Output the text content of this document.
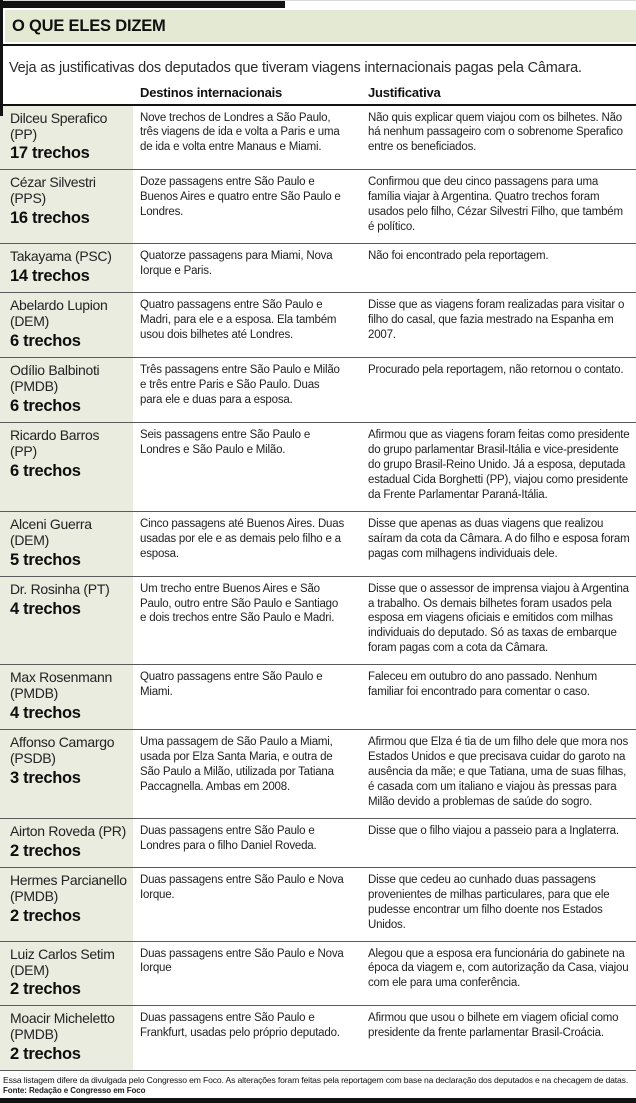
O QUE ELES DIZEM
Veja as justificativas dos deputados que tiveram viagens internacionais pagas pela Câmara.
Destinos internacionais	Justificativa
Dilceu Sperafico (PP)
17 trechos
Nove trechos de Londres a São Paulo, três viagens de ida e volta a Paris e uma de ida e volta entre Manaus e Miami.
Não quis explicar quem viajou com os bilhetes. Não há nenhum passageiro com o sobrenome Sperafico entre os beneficiados.
Cézar Silvestri (PPS)
16 trechos
Doze passagens entre São Paulo e Buenos Aires e quatro entre São Paulo e Londres.
Confirmou que deu cinco passagens para uma família viajar à Argentina. Quatro trechos foram usados pelo filho, Cézar Silvestri Filho, que também é político.
Takayama (PSC)
14 trechos
Quatorze passagens para Miami, Nova Iorque e Paris.
Não foi encontrado pela reportagem.
Abelardo Lupion (DEM)
6 trechos
Quatro passagens entre São Paulo e Madri, para ele e a esposa. Ela também usou dois bilhetes até Londres.
Disse que as viagens foram realizadas para visitar o filho do casal, que fazia mestrado na Espanha em 2007.
Odílio Balbinoti (PMDB)
6 trechos
Três passagens entre São Paulo e Milão e três entre Paris e São Paulo. Duas para ele e duas para a esposa.
Procurado pela reportagem, não retornou o contato.
Ricardo Barros (PP)
6 trechos
Seis passagens entre São Paulo e Londres e São Paulo e Milão.
Afirmou que as viagens foram feitas como presidente do grupo parlamentar Brasil-Itália e vice-presidente do grupo Brasil-Reino Unido. Já a esposa, deputada estadual Cida Borghetti (PP), viajou como presidente da Frente Parlamentar Paraná-Itália.
Alceni Guerra (DEM)
5 trechos
Cinco passagens até Buenos Aires. Duas usadas por ele e as demais pelo filho e a esposa.
Disse que apenas as duas viagens que realizou saíram da cota da Câmara. A do filho e esposa foram pagas com milhagens individuais dele.
Dr. Rosinha (PT)
4 trechos
Um trecho entre Buenos Aires e São Paulo, outro entre São Paulo e Santiago e dois trechos entre São Paulo e Madri.
Disse que o assessor de imprensa viajou à Argentina a trabalho. Os demais bilhetes foram usados pela esposa em viagens oficiais e emitidos com milhas individuais do deputado. Só as taxas de embarque foram pagas com a cota da Câmara.
Max Rosenmann (PMDB)
4 trechos
Quatro passagens entre São Paulo e Miami.
Faleceu em outubro do ano passado. Nenhum familiar foi encontrado para comentar o caso.
Affonso Camargo (PSDB)
3 trechos
Uma passagem de São Paulo a Miami, usada por Elza Santa Maria, e outra de São Paulo a Milão, utilizada por Tatiana Paccagnella. Ambas em 2008.
Afirmou que Elza é tia de um filho dele que mora nos Estados Unidos e que precisava cuidar do garoto na ausência da mãe; e que Tatiana, uma de suas filhas, é casada com um italiano e viajou às pressas para Milão devido a problemas de saúde do sogro.
Airton Roveda (PR)
2 trechos
Duas passagens entre São Paulo e Londres para o filho Daniel Roveda.
Disse que o filho viajou a passeio para a Inglaterra.
Hermes Parcianello (PMDB)
2 trechos
Duas passagens entre São Paulo e Nova Iorque.
Disse que cedeu ao cunhado duas passagens provenientes de milhas particulares, para que ele pudesse encontrar um filho doente nos Estados Unidos.
Luiz Carlos Setim (DEM)
2 trechos
Duas passagens entre São Paulo e Nova Iorque
Alegou que a esposa era funcionária do gabinete na época da viagem e, com autorização da Casa, viajou com ele para uma conferência.
Moacir Micheletto (PMDB)
2 trechos
Duas passagens entre São Paulo e Frankfurt, usadas pelo próprio deputado.
Afirmou que usou o bilhete em viagem oficial como presidente da frente parlamentar Brasil-Croácia.
Essa listagem difere da divulgada pelo Congresso em Foco. As alterações foram feitas pela reportagem com base na declaração dos deputados e na checagem de datas.
Fonte: Redação e Congresso em Foco
